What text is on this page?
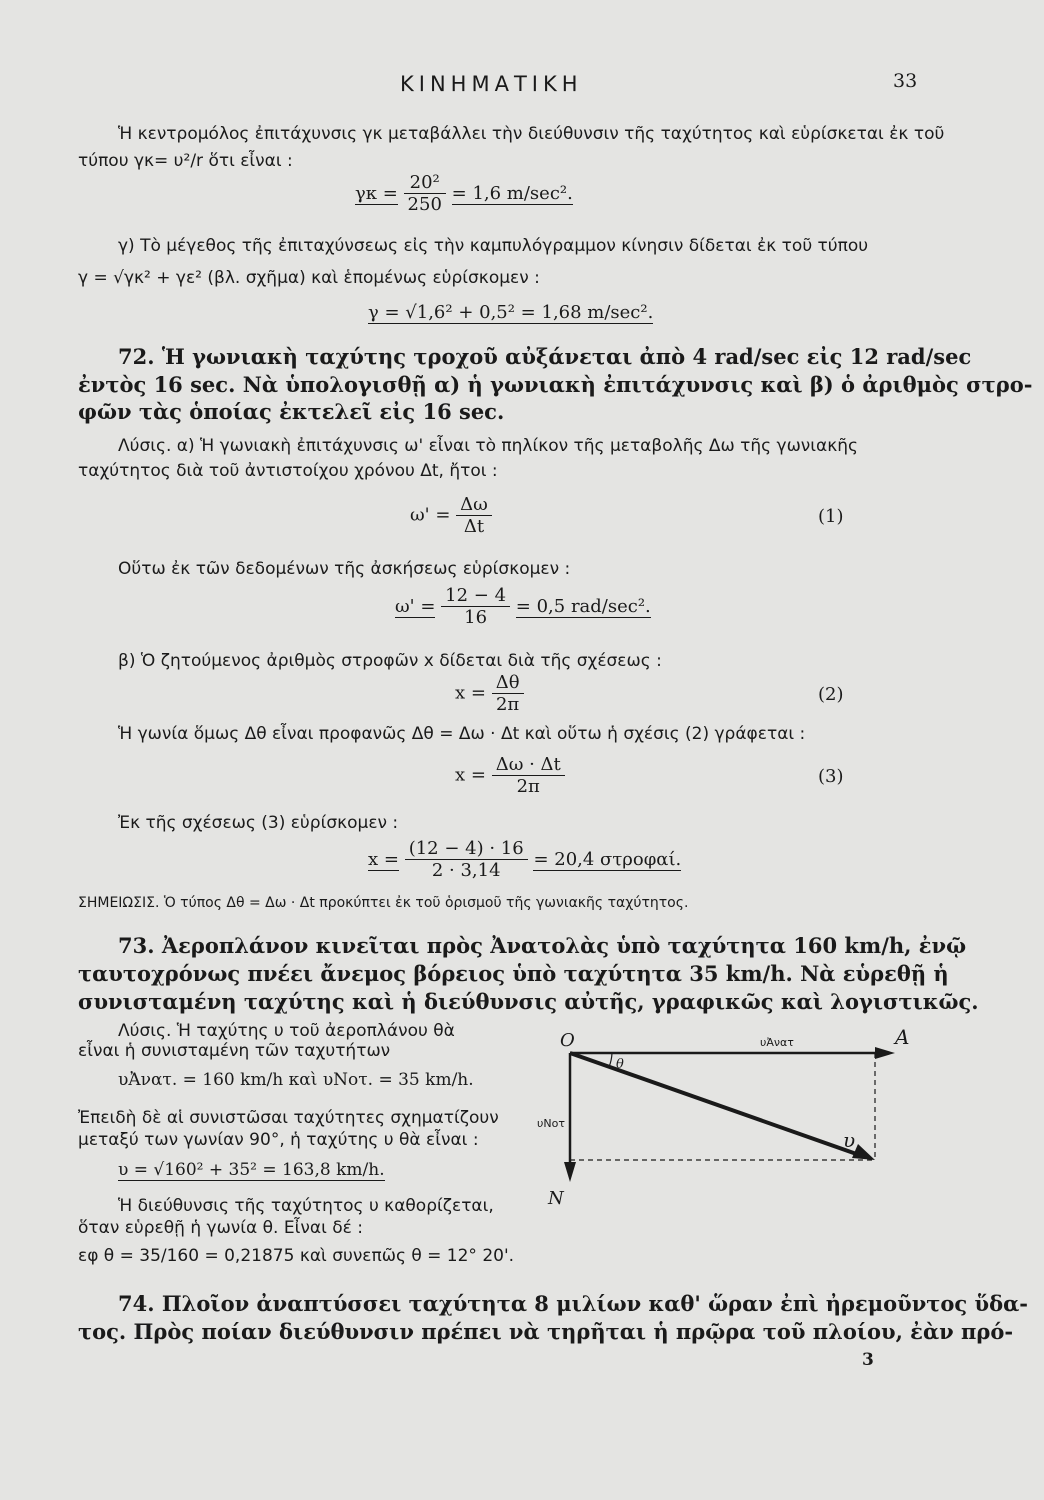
ΚΙΝΗΜΑΤΙΚΗ	33
Ἡ κεντρομόλος ἐπιτάχυνσις γκ μεταβάλλει τὴν διεύθυνσιν τῆς ταχύτητος καὶ εὑρίσκεται ἐκ τοῦ
τύπου γκ= υ²/r ὅτι εἶναι :
$\gamma\kappa = \frac{\text{20²}}{250} = 1,6$ m/sec².
γ) Τὸ μέγεθος τῆς ἐπιταχύνσεως εἰς τὴν καμπυλόγραμμον κίνησιν δίδεται ἐκ τοῦ τύπου
γ = √γκ² + γε² (βλ. σχῆμα) καὶ ἑπομένως εὑρίσκομεν :
γ = √1,6² + 0,5² = 1,68 m/sec².
72. Ἡ γωνιακὴ ταχύτης τροχοῦ αὐξάνεται ἀπὸ 4 rad/sec εἰς 12 rad/sec
ἐντὸς 16 sec. Νὰ ὑπολογισθῇ α) ἡ γωνιακὴ ἐπιτάχυνσις καὶ β) ὁ ἀριθμὸς στρο-
φῶν τὰς ὁποίας ἐκτελεῖ εἰς 16 sec.
Λύσις. α) Ἡ γωνιακὴ ἐπιτάχυνσις ω' εἶναι τὸ πηλίκον τῆς μεταβολῆς Δω τῆς γωνιακῆς
ταχύτητος διὰ τοῦ ἀντιστοίχου χρόνου Δt, ἤτοι :
$\omega' = \frac{\Delta\omega}{\Delta t}$	(1)
Οὕτω ἐκ τῶν δεδομένων τῆς ἀσκήσεως εὑρίσκομεν :
$\omega' = \frac{12 - 4}{16} = 0,5$ rad/sec².
β) Ὁ ζητούμενος ἀριθμὸς στροφῶν x δίδεται διὰ τῆς σχέσεως :
$x = \frac{\Delta\theta}{2\pi}$	(2)
Ἡ γωνία ὅμως Δθ εἶναι προφανῶς Δθ = Δω · Δt καὶ οὕτω ἡ σχέσις (2) γράφεται :
$x = \frac{\Delta\omega \cdot \Delta t}{2\pi}$	(3)
Ἐκ τῆς σχέσεως (3) εὑρίσκομεν :
$x = \frac{(12 - 4) \cdot 16}{2 \cdot 3,14} = 20,4$ στροφαί.
ΣΗΜΕΙΩΣΙΣ. Ὁ τύπος Δθ = Δω · Δt προκύπτει ἐκ τοῦ ὁρισμοῦ τῆς γωνιακῆς ταχύτητος.
73. Ἀεροπλάνον κινεῖται πρὸς Ἀνατολὰς ὑπὸ ταχύτητα 160 km/h, ἐνῷ
ταυτοχρόνως πνέει ἄνεμος βόρειος ὑπὸ ταχύτητα 35 km/h. Νὰ εὑρεθῇ ἡ
συνισταμένη ταχύτης καὶ ἡ διεύθυνσις αὐτῆς, γραφικῶς καὶ λογιστικῶς.
Λύσις. Ἡ ταχύτης υ τοῦ ἀεροπλάνου θὰ
εἶναι ἡ συνισταμένη τῶν ταχυτήτων
υἈνατ. = 160 km/h καὶ υΝοτ. = 35 km/h.
Ἐπειδὴ δὲ αἱ συνιστῶσαι ταχύτητες σχηματίζουν
μεταξύ των γωνίαν 90°, ἡ ταχύτης υ θὰ εἶναι :
υ = √160² + 35² = 163,8 km/h.
Ἡ διεύθυνσις τῆς ταχύτητος υ καθορίζεται,
ὅταν εὑρεθῇ ἡ γωνία θ. Εἶναι δέ :
εφ θ = 35/160 = 0,21875 καὶ συνεπῶς θ = 12° 20'.
O	A
N
υἈνατ
υΝοτ
υ
θ
74. Πλοῖον ἀναπτύσσει ταχύτητα 8 μιλίων καθ' ὥραν ἐπὶ ἠρεμοῦντος ὕδα-
τος. Πρὸς ποίαν διεύθυνσιν πρέπει νὰ τηρῆται ἡ πρῷρα τοῦ πλοίου, ἐὰν πρό-
3
